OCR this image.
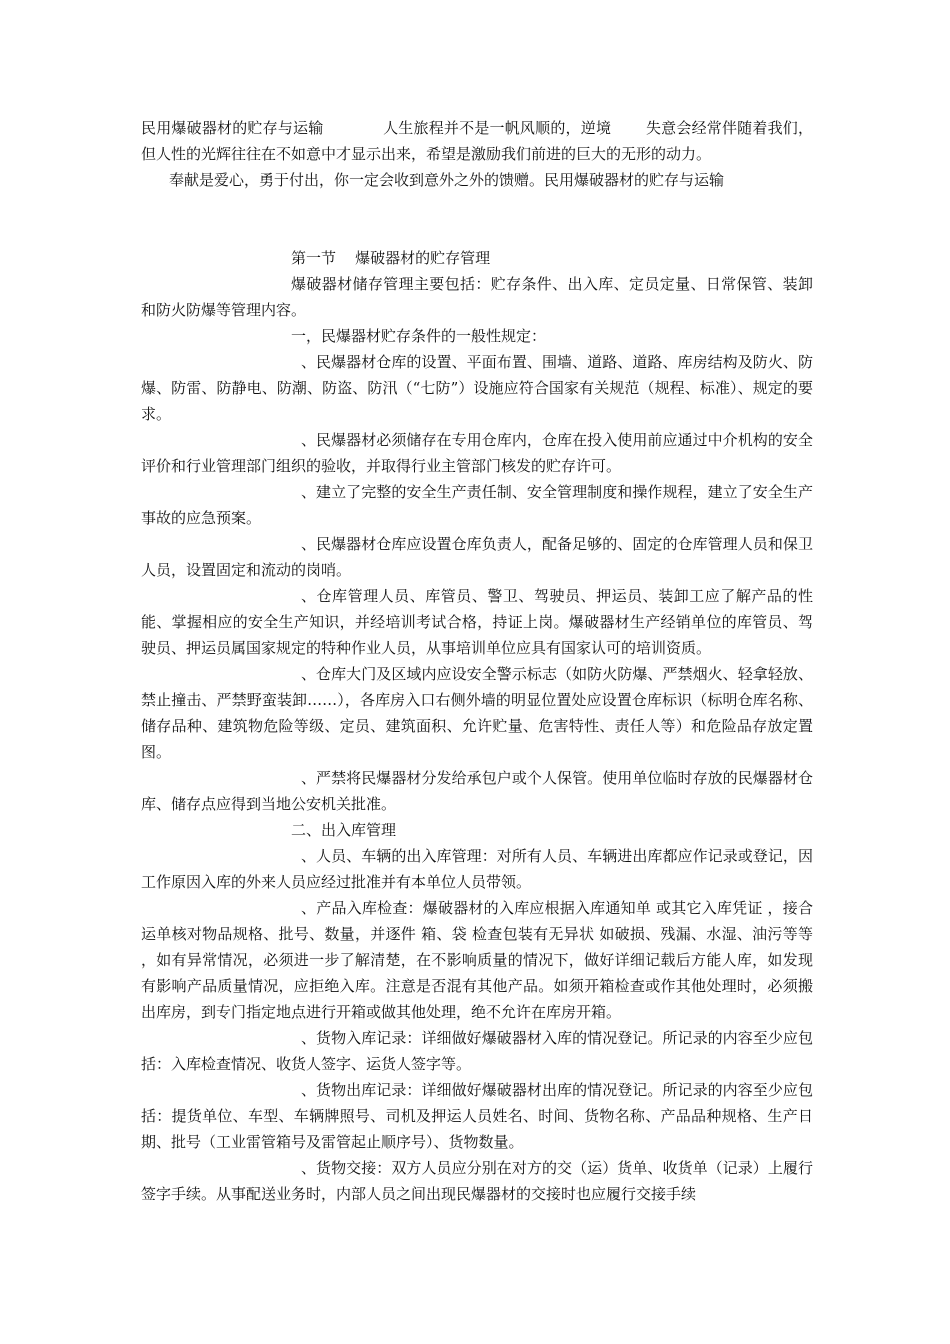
民用爆破器材的贮存与运输            人生旅程并不是一帆风顺的，逆境       失意会经常伴随着我们，但人性的光辉往往在不如意中才显示出来，希望是激励我们前进的巨大的无形的动力。

奉献是爱心，勇于付出，你一定会收到意外之外的馈赠。民用爆破器材的贮存与运输

第一节    爆破器材的贮存管理

爆破器材储存管理主要包括：贮存条件、出入库、定员定量、日常保管、装卸和防火防爆等管理内容。

一，民爆器材贮存条件的一般性规定：

、民爆器材仓库的设置、平面布置、围墙、道路、道路、库房结构及防火、防爆、防雷、防静电、防潮、防盗、防汛（“七防”）设施应符合国家有关规范（规程、标准）、规定的要求。

、民爆器材必须储存在专用仓库内，仓库在投入使用前应通过中介机构的安全评价和行业管理部门组织的验收，并取得行业主管部门核发的贮存许可。

、建立了完整的安全生产责任制、安全管理制度和操作规程，建立了安全生产事故的应急预案。

、民爆器材仓库应设置仓库负责人，配备足够的、固定的仓库管理人员和保卫人员，设置固定和流动的岗哨。

、仓库管理人员、库管员、警卫、驾驶员、押运员、装卸工应了解产品的性能、掌握相应的安全生产知识，并经培训考试合格，持证上岗。爆破器材生产经销单位的库管员、驾驶员、押运员属国家规定的特种作业人员，从事培训单位应具有国家认可的培训资质。

、仓库大门及区域内应设安全警示标志（如防火防爆、严禁烟火、轻拿轻放、禁止撞击、严禁野蛮装卸……），各库房入口右侧外墙的明显位置处应设置仓库标识（标明仓库名称、储存品种、建筑物危险等级、定员、建筑面积、允许贮量、危害特性、责任人等）和危险品存放定置图。

、严禁将民爆器材分发给承包户或个人保管。使用单位临时存放的民爆器材仓库、储存点应得到当地公安机关批准。

二、出入库管理

、人员、车辆的出入库管理：对所有人员、车辆进出库都应作记录或登记，因工作原因入库的外来人员应经过批准并有本单位人员带领。

、产品入库检查：爆破器材的入库应根据入库通知单 或其它入库凭证 ，接合运单核对物品规格、批号、数量，并逐件 箱、袋 检查包装有无异状 如破损、残漏、水湿、油污等等 ，如有异常情况，必须进一步了解清楚，在不影响质量的情况下，做好详细记载后方能人库，如发现有影响产品质量情况，应拒绝入库。注意是否混有其他产品。如须开箱检查或作其他处理时，必须搬出库房，到专门指定地点进行开箱或做其他处理，绝不允许在库房开箱。

、货物入库记录：详细做好爆破器材入库的情况登记。所记录的内容至少应包括：入库检查情况、收货人签字、运货人签字等。

、货物出库记录：详细做好爆破器材出库的情况登记。所记录的内容至少应包括：提货单位、车型、车辆牌照号、司机及押运人员姓名、时间、货物名称、产品品种规格、生产日期、批号（工业雷管箱号及雷管起止顺序号）、货物数量。

、货物交接：双方人员应分别在对方的交（运）货单、收货单（记录）上履行签字手续。从事配送业务时，内部人员之间出现民爆器材的交接时也应履行交接手续
